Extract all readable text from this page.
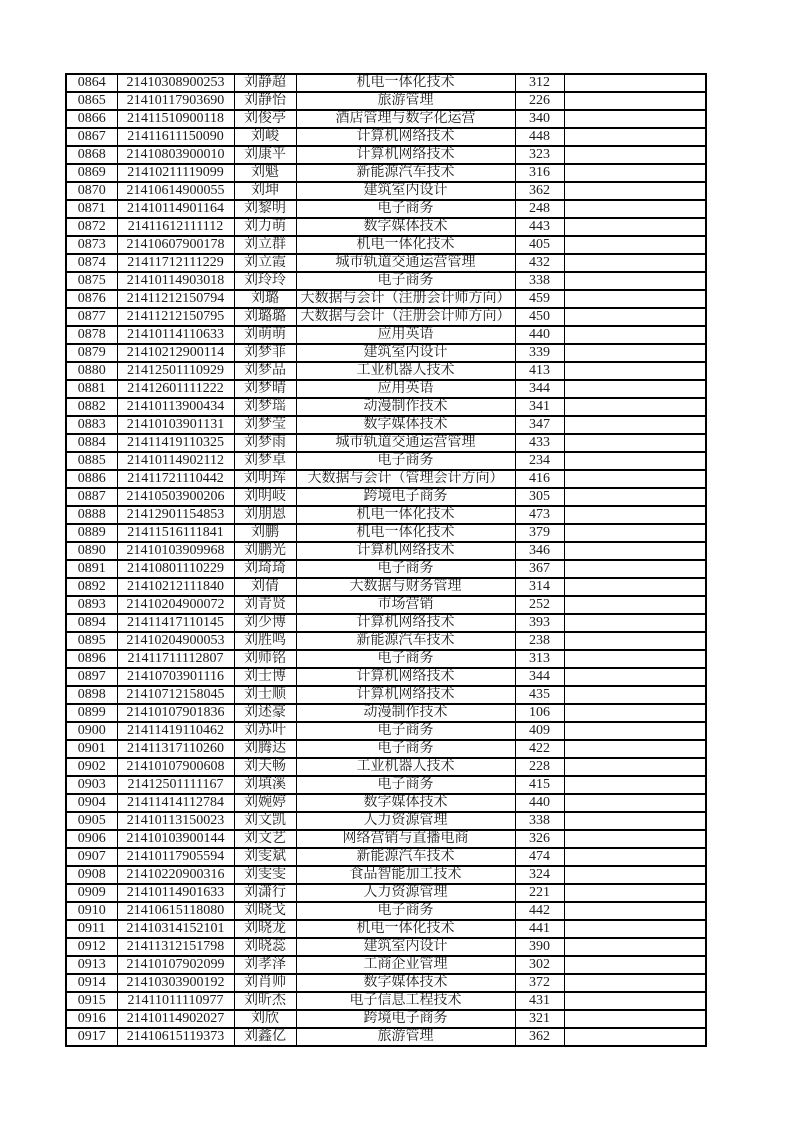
0864	21410308900253	刘静超	机电一体化技术	312	
0865	21410117903690	刘静怡	旅游管理	226	
0866	21411510900118	刘俊亭	酒店管理与数字化运营	340	
0867	21411611150090	刘峻	计算机网络技术	448	
0868	21410803900010	刘康平	计算机网络技术	323	
0869	21410211119099	刘魁	新能源汽车技术	316	
0870	21410614900055	刘坤	建筑室内设计	362	
0871	21410114901164	刘黎明	电子商务	248	
0872	21411612111112	刘力萌	数字媒体技术	443	
0873	21410607900178	刘立群	机电一体化技术	405	
0874	21411712111229	刘立霞	城市轨道交通运营管理	432	
0875	21410114903018	刘玲玲	电子商务	338	
0876	21411212150794	刘璐	大数据与会计（注册会计师方向）	459	
0877	21411212150795	刘璐璐	大数据与会计（注册会计师方向）	450	
0878	21410114110633	刘萌萌	应用英语	440	
0879	21410212900114	刘梦菲	建筑室内设计	339	
0880	21412501110929	刘梦品	工业机器人技术	413	
0881	21412601111222	刘梦晴	应用英语	344	
0882	21410113900434	刘梦瑶	动漫制作技术	341	
0883	21410103901131	刘梦莹	数字媒体技术	347	
0884	21411419110325	刘梦雨	城市轨道交通运营管理	433	
0885	21410114902112	刘梦卓	电子商务	234	
0886	21411721110442	刘明珲	大数据与会计（管理会计方向）	416	
0887	21410503900206	刘明岐	跨境电子商务	305	
0888	21412901154853	刘朋恩	机电一体化技术	473	
0889	21411516111841	刘鹏	机电一体化技术	379	
0890	21410103909968	刘鹏光	计算机网络技术	346	
0891	21410801110229	刘琦琦	电子商务	367	
0892	21410212111840	刘倩	大数据与财务管理	314	
0893	21410204900072	刘青贤	市场营销	252	
0894	21411417110145	刘少博	计算机网络技术	393	
0895	21410204900053	刘胜鸣	新能源汽车技术	238	
0896	21411711112807	刘师铭	电子商务	313	
0897	21410703901116	刘士博	计算机网络技术	344	
0898	21410712158045	刘士顺	计算机网络技术	435	
0899	21410107901836	刘述豪	动漫制作技术	106	
0900	21411419110462	刘苏叶	电子商务	409	
0901	21411317110260	刘腾达	电子商务	422	
0902	21410107900608	刘天畅	工业机器人技术	228	
0903	21412501111167	刘填溪	电子商务	415	
0904	21411414112784	刘婉婷	数字媒体技术	440	
0905	21410113150023	刘文凯	人力资源管理	338	
0906	21410103900144	刘文艺	网络营销与直播电商	326	
0907	21410117905594	刘雯斌	新能源汽车技术	474	
0908	21410220900316	刘雯雯	食品智能加工技术	324	
0909	21410114901633	刘潇行	人力资源管理	221	
0910	21410615118080	刘晓戈	电子商务	442	
0911	21410314152101	刘晓龙	机电一体化技术	441	
0912	21411312151798	刘晓蕊	建筑室内设计	390	
0913	21410107902099	刘孝泽	工商企业管理	302	
0914	21410303900192	刘肖帅	数字媒体技术	372	
0915	21411011110977	刘昕杰	电子信息工程技术	431	
0916	21410114902027	刘欣	跨境电子商务	321	
0917	21410615119373	刘鑫亿	旅游管理	362	
